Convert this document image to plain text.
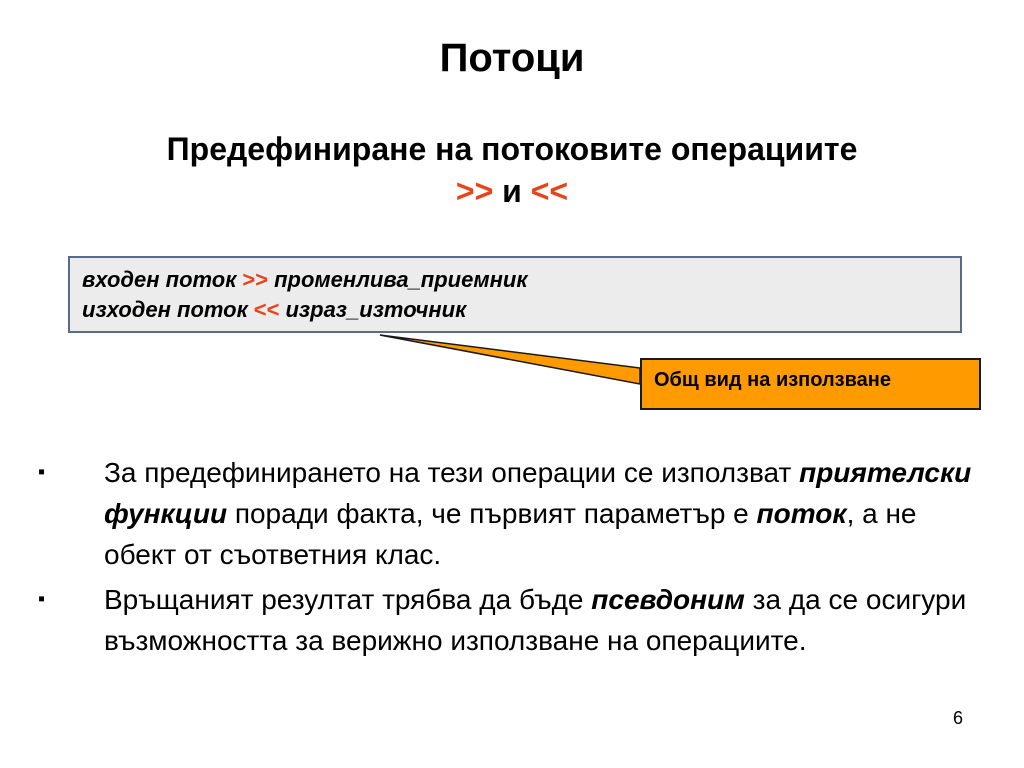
Потоци
Предефиниране на потоковите операциите
>> и <<
входен поток >> променлива_приемник
изходен поток << израз_източник
Общ вид на използване
▪ За предефинирането на тези операции се използват приятелски функции поради факта, че първият параметър е поток, а не обект от съответния клас.
▪ Връщаният резултат трябва да бъде псевдоним за да се осигури възможността за верижно използване на операциите.
6
